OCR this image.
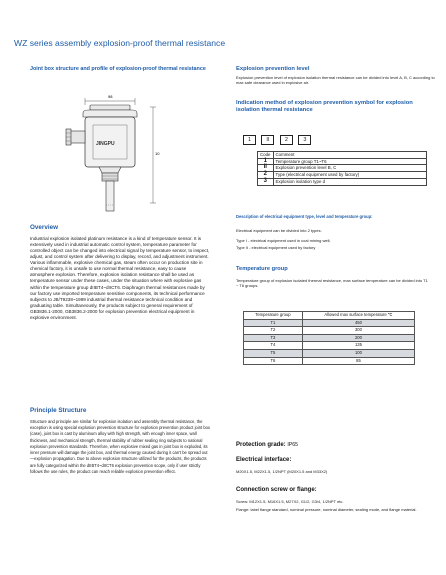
WZ series assembly explosion-proof thermal resistance
Joint box structure and profile of explosion-proof thermal resistance
98
10
JINGPU
Overview
Industrial explosion isolated platinum resistance is a kind of temperature sensor. It is extensively used in industrial automatic control system, temperature parameter for controlled object can be changed into electrical signal by temperature sensor, to inspect, adjust, and control system after delivering to display, record, and adjustment instrument. Various inflammable, explosive chemical gas, steam often occur on production site in chemical factory, it is unsafe to use normal thermal resistance, easy to cause atmosphere explosion. Therefore, explosion isolation resistance shall be used as temperature sensor under these cases, under the situation where with explosive gas within the temperature group dIIBT4~dIICT6. Diaphragm thermal resistances made by our factory use imported temperature sensitive components, its technical performance subjects to JB/T9238~1999 industrial thermal resistance technical condition and graduating table. Simultaneously, the products subject to general requirement of GB3836.1-2000, GB3836.2-2000 for explosion prevention electrical equipment in explosive environment.
Principle Structure
Structure and principle are similar for explosion isolation and assembly thermal resistance, the exception is using special explosion prevention structure for explosion prevention product joint box (case), joint box is cast by aluminum alloy with high strength, with enough inner space, wall thickness, and mechanical strength, thermal stability of rubber sealing ring subjects to national explosion prevention standards. Therefore, when explosive mixed gas in joint box is exploded, its inner pressure will damage the joint box, and thermal energy caused during it can't be spread out—explosion propagation. Due to above explosion structure utilized for the products, the products are fully categorized within the dIIBT4~dIICT6 explosion prevention scope, only if user strictly follows the use rules, the product can reach reliable explosion prevention effect.
Explosion prevention level
Explosion prevention level of explosion isolation thermal resistance can be divided into level A, B, C according to max safe clearance used in explosive air.
Indication method of explosion prevention symbol for explosion isolation thermal resistance
1	II	2	3
Code	Comment
1	Temperature group T1~T6
II	Explosion prevention level B, C
2	Type (electrical equipment used by factory)
3	Explosion isolation type d
Description of electrical equipment type, level and temperature group:
Electrical equipment can be divided into 2 types:
Type I - electrical equipment used in coal mining well;
Type II - electrical equipment used by factory
Temperature group
Temperature group of explosion isolated thermal resistance, max surface temperature can be divided into T1 ~ T6 groups.
Temperature group	Allowed max surface temperature ℃
T1	450
T2	300
T3	200
T4	135
T5	100
T6	85
Protection grade: IP65
Electrical interface:
M20X1.5, M22X1.5, 1/2NPT (M20X1.5 and M33X2)
Connection screw or flange:
Screw: M12X1.5, M16X1.5, M27X2, G1/2, G3/4, 1/2NPT etc.
Flange: label flange standard, nominal pressure, nominal diameter, sealing mode, and flange material.
